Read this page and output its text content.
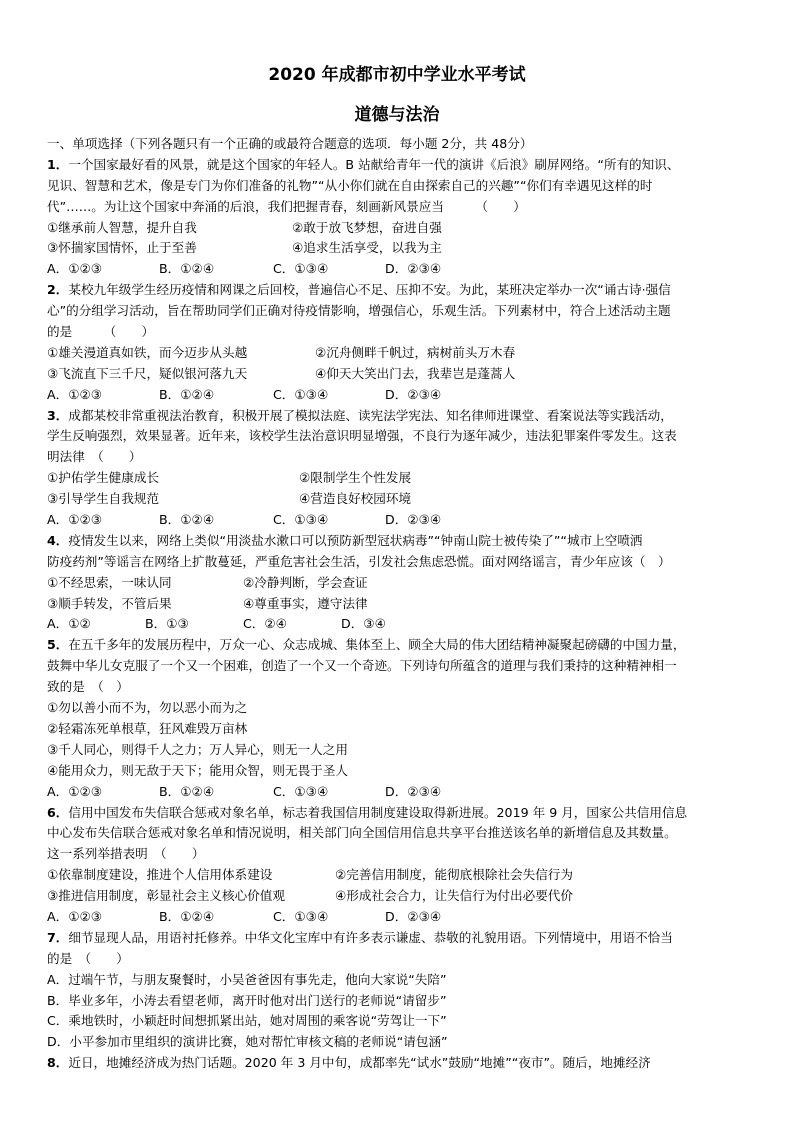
2020 年成都市初中学业水平考试
道德与法治
一、单项选择（下列各题只有一个正确的或最符合题意的选项．每小题 2分，共 48分）
1．一个国家最好看的风景，就是这个国家的年轻人。B 站献给青年一代的演讲《后浪》刷屏网络。“所有的知识、
见识、智慧和艺术，像是专门为你们准备的礼物”“从小你们就在自由探索自己的兴趣”“你们有幸遇见这样的时
代”……。为让这个国家中奔涌的后浪，我们把握青春，刻画新风景应当　　　（　　）
①继承前人智慧，提升自我	②敢于放飞梦想，奋进自强
③怀揣家国情怀，止于至善	④追求生活享受，以我为主
A．①②③	B．①②④	C．①③④	D．②③④
2．某校九年级学生经历疫情和网课之后回校，普遍信心不足、压抑不安。为此，某班决定举办一次“诵古诗·强信
心”的分组学习活动，旨在帮助同学们正确对待疫情影响，增强信心，乐观生活。下列素材中，符合上述活动主题
的是　　　（　　）
①雄关漫道真如铁，而今迈步从头越	②沉舟侧畔千帆过，病树前头万木春
③飞流直下三千尺，疑似银河落九天	④仰天大笑出门去，我辈岂是蓬蒿人
A．①②③	B．①②④	C．①③④	D．②③④
3．成都某校非常重视法治教育，积极开展了模拟法庭、读宪法学宪法、知名律师进课堂、看案说法等实践活动，
学生反响强烈，效果显著。近年来，该校学生法治意识明显增强，不良行为逐年减少，违法犯罪案件零发生。这表
明法律　（　　）
①护佑学生健康成长	②限制学生个性发展
③引导学生自我规范	④营造良好校园环境
A．①②③	B．①②④	C．①③④	D．②③④
4．疫情发生以来，网络上类似“用淡盐水漱口可以预防新型冠状病毒”“钟南山院士被传染了”“城市上空喷洒
防疫药剂”等谣言在网络上扩散蔓延，严重危害社会生活，引发社会焦虑恐慌。面对网络谣言，青少年应该（　）
①不经思索，一味认同	②冷静判断，学会查证
③顺手转发，不管后果	④尊重事实，遵守法律
A．①②	B．①③	C．②④	D．③④
5．在五千多年的发展历程中，万众一心、众志成城、集体至上、顾全大局的伟大团结精神凝聚起磅礴的中国力量，
鼓舞中华儿女克服了一个又一个困难，创造了一个又一个奇迹。下列诗句所蕴含的道理与我们秉持的这种精神相一
致的是　（　）
①勿以善小而不为，勿以恶小而为之
②轻霜冻死单根草，狂风难毁万亩林
③千人同心，则得千人之力；万人异心，则无一人之用
④能用众力，则无敌于天下；能用众智，则无畏于圣人
A．①②③	B．①②④	C．①③④	D．②③④
6．信用中国发布失信联合惩戒对象名单，标志着我国信用制度建设取得新进展。2019 年 9 月，国家公共信用信息
中心发布失信联合惩戒对象名单和情况说明，相关部门向全国信用信息共享平台推送该名单的新增信息及其数量。
这一系列举措表明　（　　）
①依靠制度建设，推进个人信用体系建设	②完善信用制度，能彻底根除社会失信行为
③推进信用制度，彰显社会主义核心价值观	④形成社会合力，让失信行为付出必要代价
A．①②③	B．①②④	C．①③④	D．②③④
7．细节显现人品，用语衬托修养。中华文化宝库中有许多表示谦虚、恭敬的礼貌用语。下列情境中，用语不恰当
的是　（　　）
A．过端午节，与朋友聚餐时，小吴爸爸因有事先走，他向大家说“失陪”
B．毕业多年，小涛去看望老师，离开时他对出门送行的老师说“请留步”
C．乘地铁时，小颖赶时间想抓紧出站，她对周围的乘客说“劳驾让一下”
D．小平参加市里组织的演讲比赛，她对帮忙审核文稿的老师说“请包涵”
8．近日，地摊经济成为热门话题。2020 年 3 月中旬，成都率先“试水”鼓励“地摊”“夜市”。随后，地摊经济
